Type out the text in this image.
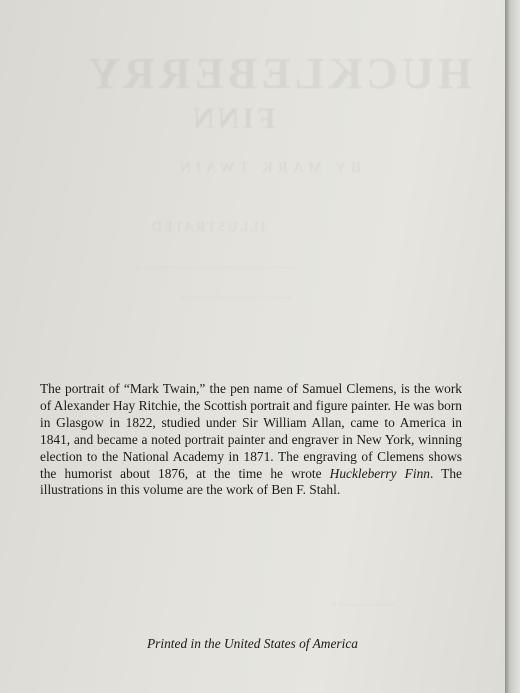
HUCKLEBERRY
FINN
BY MARK TWAIN
ILLUSTRATED
~~~~~~~~~~~~~~~~~~~~~~~
~~~~~~~~~~~~~~~~
~~~~~~~~~~

The portrait of “Mark Twain,” the pen name of Samuel Clemens, is the work of Alexander Hay Ritchie, the Scottish portrait and figure painter. He was born in Glasgow in 1822, studied under Sir William Allan, came to America in 1841, and became a noted portrait painter and engraver in New York, winning election to the National Academy in 1871. The engraving of Clemens shows the humorist about 1876, at the time he wrote Huckleberry Finn. The illustrations in this volume are the work of Ben F. Stahl.

Printed in the United States of America
